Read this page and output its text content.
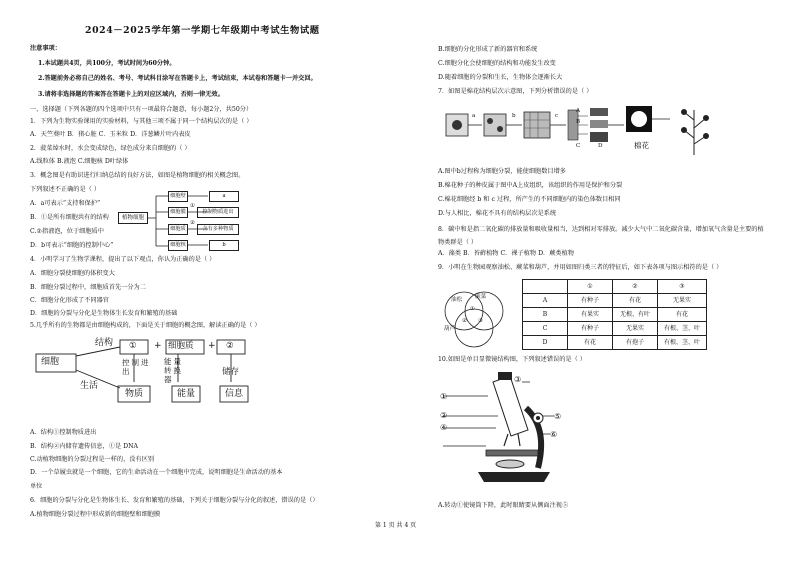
2024－2025学年第一学期七年级期中考试生物试题
注意事项：
1.本试题共4页，共100分，考试时间为60分钟。
2.答题前务必将自己的姓名、考号、考试科目涂写在答题卡上，考试结束，本试卷和答题卡一并交回。
3.请将非选择题的答案答在答题卡上的对应区域内，否则一律无效。
一、选择题（下列各题的四个选项中只有一项最符合题意，每小题2分，共50分）
1．下列为生物实验课用的实验材料，与其他三项不属于同一个结构层次的是（ ）
A．天竺葵叶 B．猪心脏 C．玉米粒 D．洋葱鳞片叶内表皮
2．菠菜焯水时，水会变成绿色，绿色成分来自细胞的（ ）
A.线粒体 B.液泡 C.细胞核 D叶绿体
3．概念图是有助识进行归纳总结的良好方法，如图是植物细胞的相关概念图。
下列叙述不正确的是（ ）
A．a可表示“支持和保护”
B．①是所有细胞共有的结构
C.②指液泡，位于细胞质中
D．b可表示“细胞的控制中心”
植物细胞
细胞壁
细胞膜
细胞质
细胞核
①
②
a
控制物质进出
含有多种物质
b
4．小明学习了生物学课程，提出了以下观点，你认为正确的是（ ）
A．细胞分裂使细胞的体积变大
B．细胞分裂过程中，细胞质首先一分为二
C．细胞分化形成了不同器官
D．细胞的分裂与分化是生物体生长发育和繁殖的基础
5.几乎所有的生物都是由细胞构成的，下面是关于细胞的概念图，解读正确的是（ ）
细胞
结构
生活
① + 细胞质 + ②
控制进出
能量转换器
储存
物质	能量	信息
A．结构①控制物质进出
B．结构②内储存遗传信息，①是 DNA
C.动植物细胞的分裂过程是一样的，没有区别
D．一个草履虫就是一个细胞，它的生命活动在一个细胞中完成，说明细胞是生命活动的基本
单位
6．细胞的分裂与分化是生物体生长、发育和繁殖的基础，下列关于细胞分裂与分化的叙述，错误的是（）
A.植物细胞分裂过程中形成新的细胞壁和细胞膜
B.细胞的分化形成了新的器官和系统
C.细胞分化会使细胞的结构和功能发生改变
D.随着细胞的分裂和生长，生物体会逐渐长大
7．如图是棉花结构层次示意图，下列分析错误的是（ ）
a	b	c
A
B
C	D	棉花
A.图中b过程称为细胞分裂，能使细胞数目增多
B.棉花种子的种皮属于图中A上皮组织，该组织的作用是保护和分裂
C.棉花细胞经 b 和 c 过程，所产生的不同细胞内的染色体数目相同
D.与人相比，棉花不具有的结构层次是系统
8．碳中和是指二氧化碳的排放量和吸收量相当，达到相对零排放。减少大气中二氧化碳含量，增加氧气含量是主要的植物类群是（ ）
A．藻类 B．苔藓植物 C．裸子植物 D．蕨类植物
9．小明在生物园观察油松、蕨菜和葫芦，并用如图归类三者的特征后，如下表各项与图示相符的是（ ）
油松 蕨菜
葫芦
①
② ③
	①	②	③
A	有种子	有花	无果实
B	有果实	无根、有叶	有花
C	有种子	无果实	有根、茎、叶
D	有花	有孢子	有根、茎、叶
10.如图是单目显微镜结构图，下列叙述错误的是（ ）
③
①
②
④
⑤
⑥
A.转动①使镜筒下降，此时眼睛要从侧面注视⑤
第 1 页 共 4 页
